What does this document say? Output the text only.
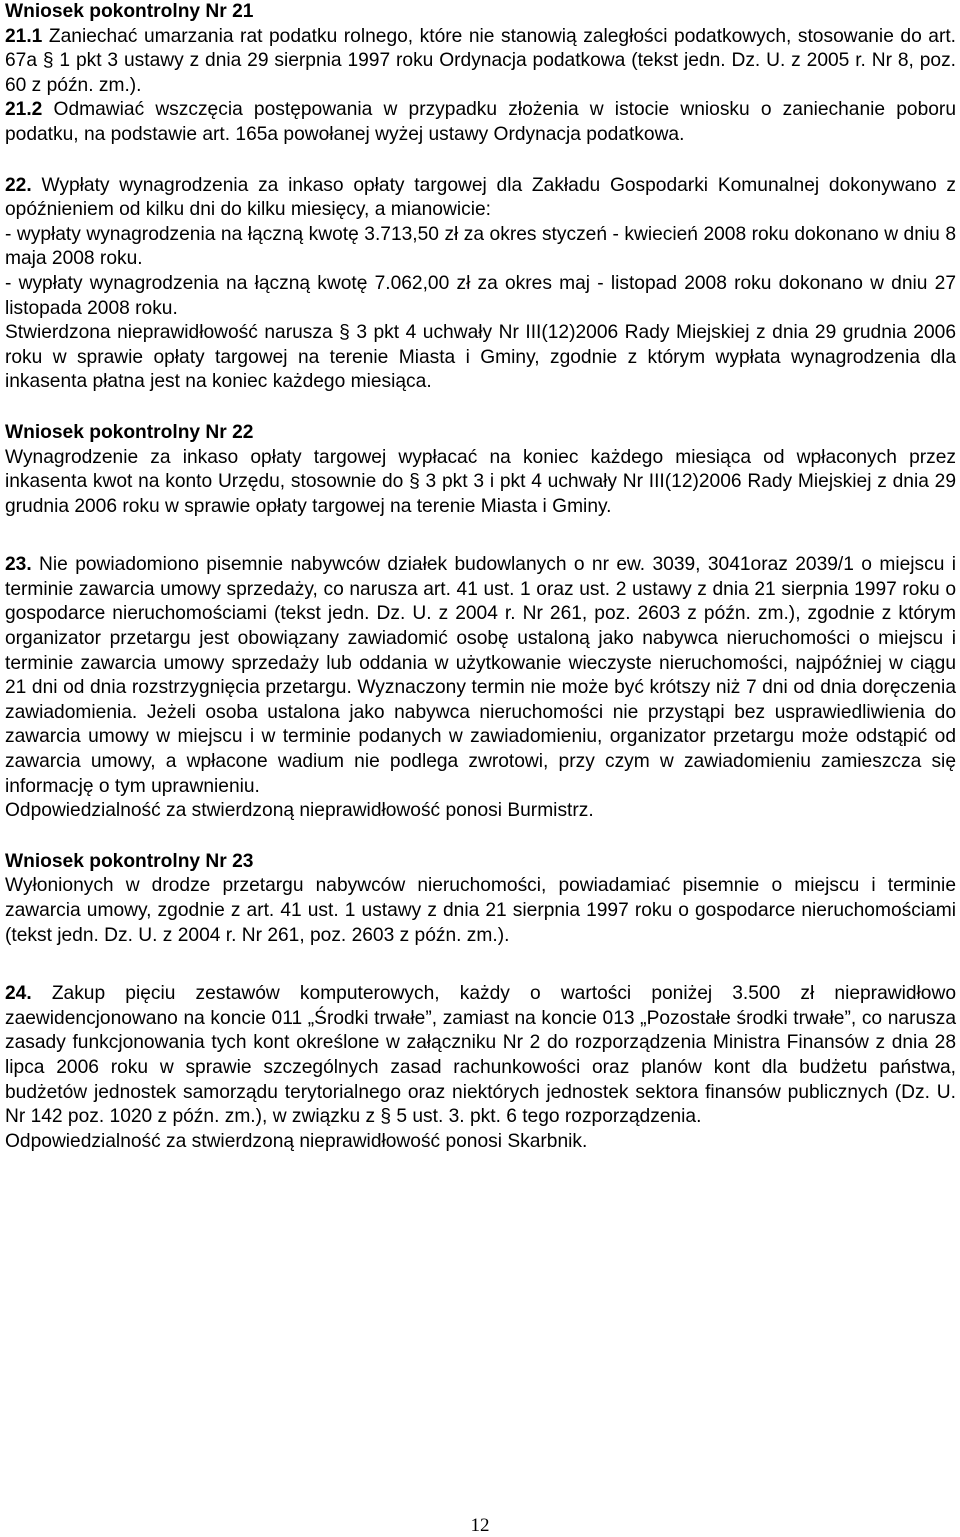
Wniosek pokontrolny Nr 21

21.1 Zaniechać umarzania rat podatku rolnego, które nie stanowią zaległości podatkowych, stosowanie do art. 67a § 1 pkt 3 ustawy z dnia 29 sierpnia 1997 roku Ordynacja podatkowa (tekst jedn. Dz. U. z 2005 r. Nr 8, poz. 60 z późn. zm.).

21.2 Odmawiać wszczęcia postępowania w przypadku złożenia w istocie wniosku o zaniechanie poboru podatku, na podstawie art. 165a powołanej wyżej ustawy Ordynacja podatkowa.

22. Wypłaty wynagrodzenia za inkaso opłaty targowej dla Zakładu Gospodarki Komunalnej dokonywano z opóźnieniem od kilku dni do kilku miesięcy, a mianowicie:

- wypłaty wynagrodzenia na łączną kwotę 3.713,50 zł za okres styczeń - kwiecień 2008 roku dokonano w dniu 8 maja 2008 roku.

- wypłaty wynagrodzenia na łączną kwotę 7.062,00 zł za okres maj - listopad 2008 roku dokonano w dniu 27 listopada 2008 roku.

Stwierdzona nieprawidłowość narusza § 3 pkt 4 uchwały Nr III(12)2006 Rady Miejskiej z dnia 29 grudnia 2006 roku w sprawie opłaty targowej na terenie Miasta i Gminy, zgodnie z którym wypłata wynagrodzenia dla inkasenta płatna jest na koniec każdego miesiąca.

Wniosek pokontrolny Nr 22

Wynagrodzenie za inkaso opłaty targowej wypłacać na koniec każdego miesiąca od wpłaconych przez inkasenta kwot na konto Urzędu, stosownie do § 3 pkt 3 i pkt 4 uchwały Nr III(12)2006 Rady Miejskiej z dnia 29 grudnia 2006 roku w sprawie opłaty targowej na terenie Miasta i Gminy.

23. Nie powiadomiono pisemnie nabywców działek budowlanych o nr ew. 3039, 3041oraz 2039/1 o miejscu i terminie zawarcia umowy sprzedaży, co narusza art. 41 ust. 1 oraz ust. 2 ustawy z dnia 21 sierpnia 1997 roku o gospodarce nieruchomościami (tekst jedn. Dz. U. z 2004 r. Nr 261, poz. 2603 z późn. zm.), zgodnie z którym organizator przetargu jest obowiązany zawiadomić osobę ustaloną jako nabywca nieruchomości o miejscu i terminie zawarcia umowy sprzedaży lub oddania w użytkowanie wieczyste nieruchomości, najpóźniej w ciągu 21 dni od dnia rozstrzygnięcia przetargu. Wyznaczony termin nie może być krótszy niż 7 dni od dnia doręczenia zawiadomienia. Jeżeli osoba ustalona jako nabywca nieruchomości nie przystąpi bez usprawiedliwienia do zawarcia umowy w miejscu i w terminie podanych w zawiadomieniu, organizator przetargu może odstąpić od zawarcia umowy, a wpłacone wadium nie podlega zwrotowi, przy czym w zawiadomieniu zamieszcza się informację o tym uprawnieniu.

Odpowiedzialność za stwierdzoną nieprawidłowość ponosi Burmistrz.

Wniosek pokontrolny Nr 23

Wyłonionych w drodze przetargu nabywców nieruchomości, powiadamiać pisemnie o miejscu i terminie zawarcia umowy, zgodnie z art. 41 ust. 1 ustawy z dnia 21 sierpnia 1997 roku o gospodarce nieruchomościami (tekst jedn. Dz. U. z 2004 r. Nr 261, poz. 2603 z późn. zm.).

24. Zakup pięciu zestawów komputerowych, każdy o wartości poniżej 3.500 zł nieprawidłowo zaewidencjonowano na koncie 011 „Środki trwałe”, zamiast na koncie 013 „Pozostałe środki trwałe”, co narusza zasady funkcjonowania tych kont określone w załączniku Nr 2 do rozporządzenia Ministra Finansów z dnia 28 lipca 2006 roku w sprawie szczególnych zasad rachunkowości oraz planów kont dla budżetu państwa, budżetów jednostek samorządu terytorialnego oraz niektórych jednostek sektora finansów publicznych (Dz. U. Nr 142 poz. 1020 z późn. zm.), w związku z § 5 ust. 3. pkt. 6 tego rozporządzenia.

Odpowiedzialność za stwierdzoną nieprawidłowość ponosi Skarbnik.

12
